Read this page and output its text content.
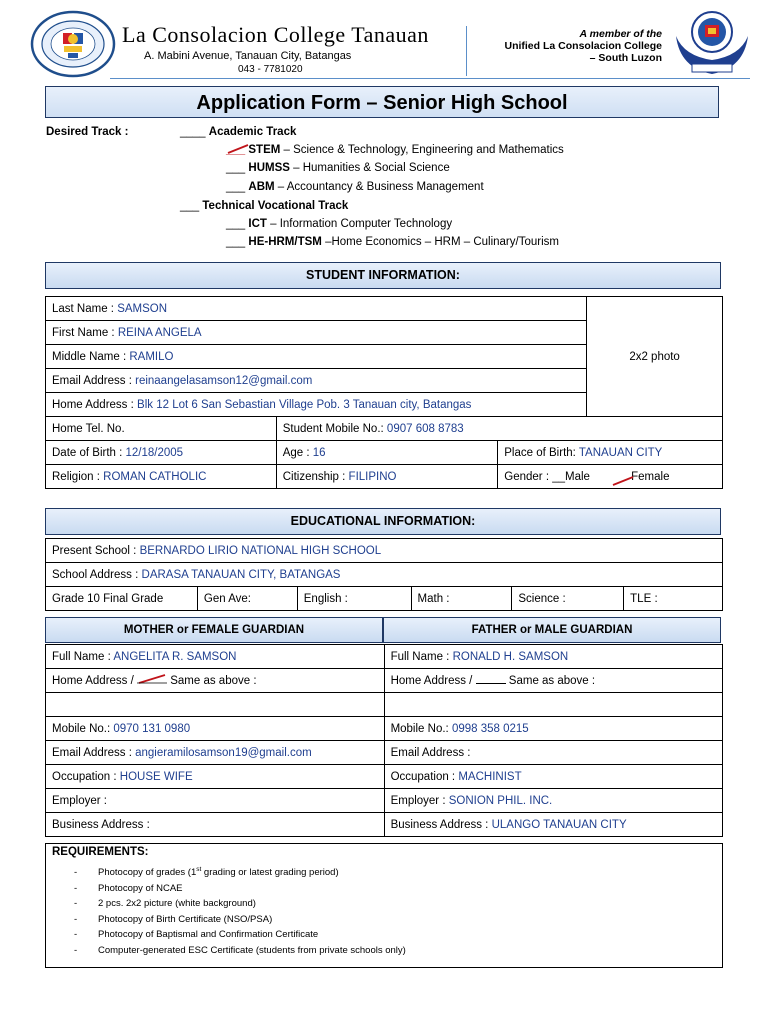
La Consolacion College Tanauan
A. Mabini Avenue, Tanauan City, Batangas
043 - 7781020
A member of the
Unified La Consolacion College
– South Luzon
Application Form – Senior High School
Desired Track :	____ Academic Track
___ STEM – Science & Technology, Engineering and Mathematics
___ HUMSS – Humanities & Social Science
___ ABM – Accountancy & Business Management
___ Technical Vocational Track
___ ICT – Information Computer Technology
___ HE-HRM/TSM –Home Economics – HRM – Culinary/Tourism
STUDENT INFORMATION:
Last Name : SAMSON			2x2 photo
First Name : REINA ANGELA			
Middle Name : RAMILO			
Email Address : reinaangelasamson12@gmail.com			
Home Address : Blk 12 Lot 6 San Sebastian Village Pob. 3 Tanauan city, Batangas			
Home Tel. No.	Student Mobile No.: 0907 608 8783		
Date of Birth : 12/18/2005	Age : 16	Place of Birth: TANAUAN CITY	
Religion : ROMAN CATHOLIC	Citizenship : FILIPINO	Gender : __Male Female	
EDUCATIONAL INFORMATION:
Present School : BERNARDO LIRIO NATIONAL HIGH SCHOOL
School Address : DARASA TANAUAN CITY, BATANGAS
Grade 10 Final Grade	Gen Ave:	English :	Math :	Science :	TLE :
MOTHER or FEMALE GUARDIAN	FATHER or MALE GUARDIAN
Full Name : ANGELITA R. SAMSON	Full Name : RONALD H. SAMSON
Home Address / Same as above :	Home Address / Same as above :

Mobile No.: 0970 131 0980	Mobile No.: 0998 358 0215
Email Address : angieramilosamson19@gmail.com	Email Address :
Occupation : HOUSE WIFE	Occupation : MACHINIST
Employer :	Employer : SONION PHIL. INC.
Business Address :	Business Address : ULANGO TANAUAN CITY
REQUIREMENTS:
- Photocopy of grades (1st grading or latest grading period)
- Photocopy of NCAE
- 2 pcs. 2x2 picture (white background)
- Photocopy of Birth Certificate (NSO/PSA)
- Photocopy of Baptismal and Confirmation Certificate
- Computer-generated ESC Certificate (students from private schools only)
